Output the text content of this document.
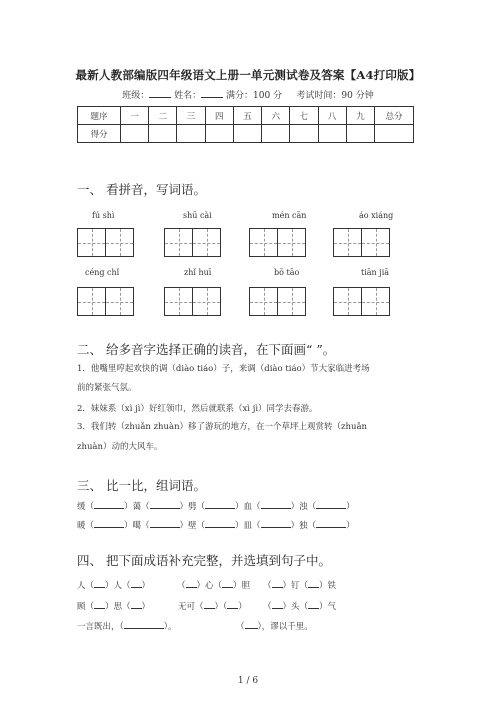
最新人教部编版四年级语文上册一单元测试卷及答案【A4打印版】
班级：	姓名：	满分：100 分 考试时间：90 分钟
题序	一	二	三	四	五	六	七	八	九	总分
得分										
一、 看拼音，写词语。
fú shì	shū cài	mén cān	áo xiáng
céng chǐ	zhǐ huī	bō tāo	tiān jiā
二、 给多音字选择正确的读音，在下面画“ ”。
1．他嘴里哼起欢快的调（diào tiáo）子，来调（diào tiáo）节大家临进考场
前的紧张气氛。
2．妹妹系（xì jì）好红领巾，然后就联系（xì jì）同学去春游。
3．我们转（zhuǎn zhuàn）移了游玩的地方，在一个草坪上观赏转（zhuǎn
zhuàn）动的大风车。
三、 比一比，组词语。
缓（	）蔼（	）劈（	）血（	）浊（	）
暖（	）噶（	）壁（	）皿（	）独（	）
四、 把下面成语补充完整，并选填到句子中。
人（ ）人（ ）	（ ）心（ ）胆 （ ）钉（ ）铁
顾（ ）思（ ）	无可（ ）（ ） （ ）头（ ）气
一言既出，（	）。	（ ），谬以千里。
1 / 6
